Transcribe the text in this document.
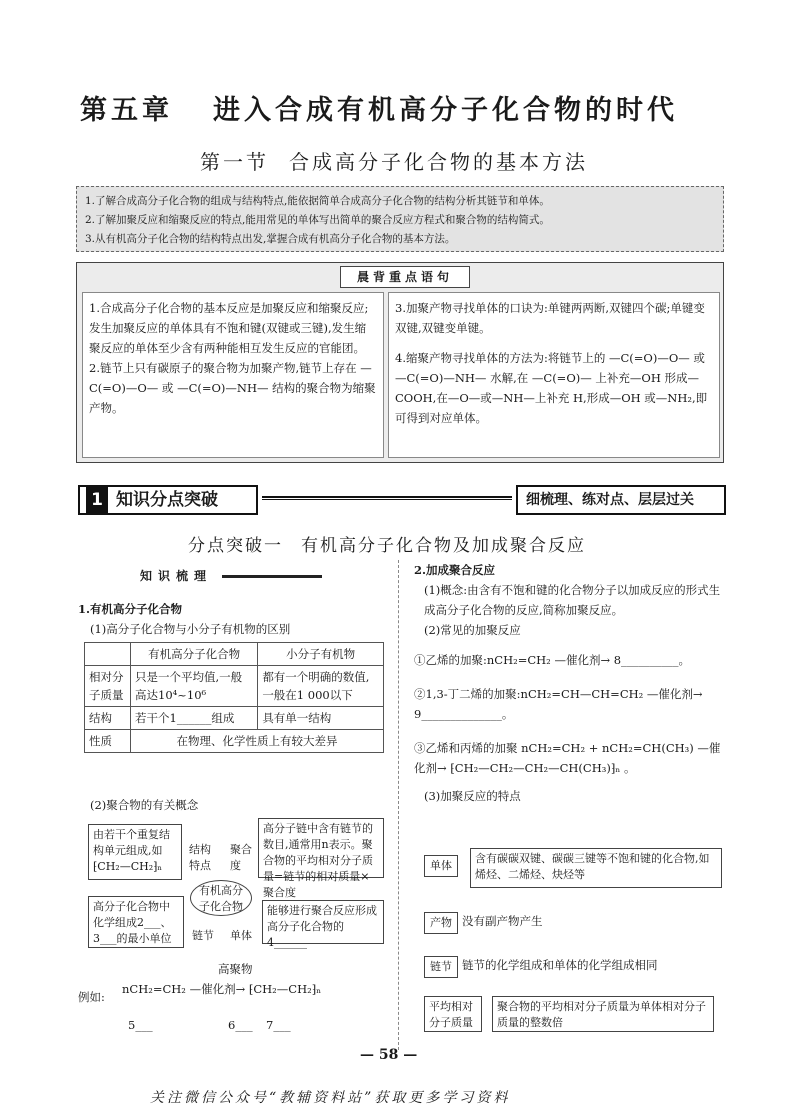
第五章 进入合成有机高分子化合物的时代
第一节 合成高分子化合物的基本方法
1.了解合成高分子化合物的组成与结构特点,能依据简单合成高分子化合物的结构分析其链节和单体。
2.了解加聚反应和缩聚反应的特点,能用常见的单体写出简单的聚合反应方程式和聚合物的结构简式。
3.从有机高分子化合物的结构特点出发,掌握合成有机高分子化合物的基本方法。
晨背重点语句
1.合成高分子化合物的基本反应是加聚反应和缩聚反应;发生加聚反应的单体具有不饱和键(双键或三键),发生缩聚反应的单体至少含有两种能相互发生反应的官能团。
2.链节上只有碳原子的聚合物为加聚产物,链节上存在 —C(=O)—O— 或 —C(=O)—NH— 结构的聚合物为缩聚产物。
3.加聚产物寻找单体的口诀为:单键两两断,双键四个碳;单键变双键,双键变单键。
4.缩聚产物寻找单体的方法为:将链节上的 —C(=O)—O— 或 —C(=O)—NH— 水解,在 —C(=O)— 上补充—OH 形成—COOH,在—O—或—NH—上补充 H,形成—OH 或—NH₂,即可得到对应单体。
1 知识分点突破	细梳理、练对点、层层过关
分点突破一 有机高分子化合物及加成聚合反应
知识梳理
1.有机高分子化合物
(1)高分子化合物与小分子有机物的区别
	有机高分子化合物	小分子有机物
相对分子质量	只是一个平均值,一般高达10⁴~10⁶	都有一个明确的数值,一般在1 000以下
结构	若干个1______组成	具有单一结构
性质	在物理、化学性质上有较大差异	
(2)聚合物的有关概念
由若干个重复结构单元组成,如 ⁅CH₂—CH₂⁆ₙ
结构特点
聚合度
高分子链中含有链节的数目,通常用n表示。聚合物的平均相对分子质量=链节的相对质量×聚合度
有机高分子化合物
高分子化合物中化学组成2___、3___的最小单位	链节	单体
能够进行聚合反应形成高分子化合物的4______
例如:
高聚物
nCH₂=CH₂ —催化剂→ ⁅CH₂—CH₂⁆ₙ
5___	6___ 7___
2.加成聚合反应
(1)概念:由含有不饱和键的化合物分子以加成反应的形式生成高分子化合物的反应,简称加聚反应。
(2)常见的加聚反应
①乙烯的加聚:nCH₂=CH₂ —催化剂→ 8__________。
②1,3-丁二烯的加聚:nCH₂=CH—CH=CH₂ —催化剂→ 9______________。
③乙烯和丙烯的加聚 nCH₂=CH₂ + nCH₂=CH(CH₃) —催化剂→ ⁅CH₂—CH₂—CH₂—CH(CH₃)⁆ₙ 。
(3)加聚反应的特点
单体
含有碳碳双键、碳碳三键等不饱和键的化合物,如烯烃、二烯烃、炔烃等
产物 没有副产物产生
链节 链节的化学组成和单体的化学组成相同
平均相对分子质量
聚合物的平均相对分子质量为单体相对分子质量的整数倍
— 58 —
关注微信公众号“教辅资料站”获取更多学习资料
